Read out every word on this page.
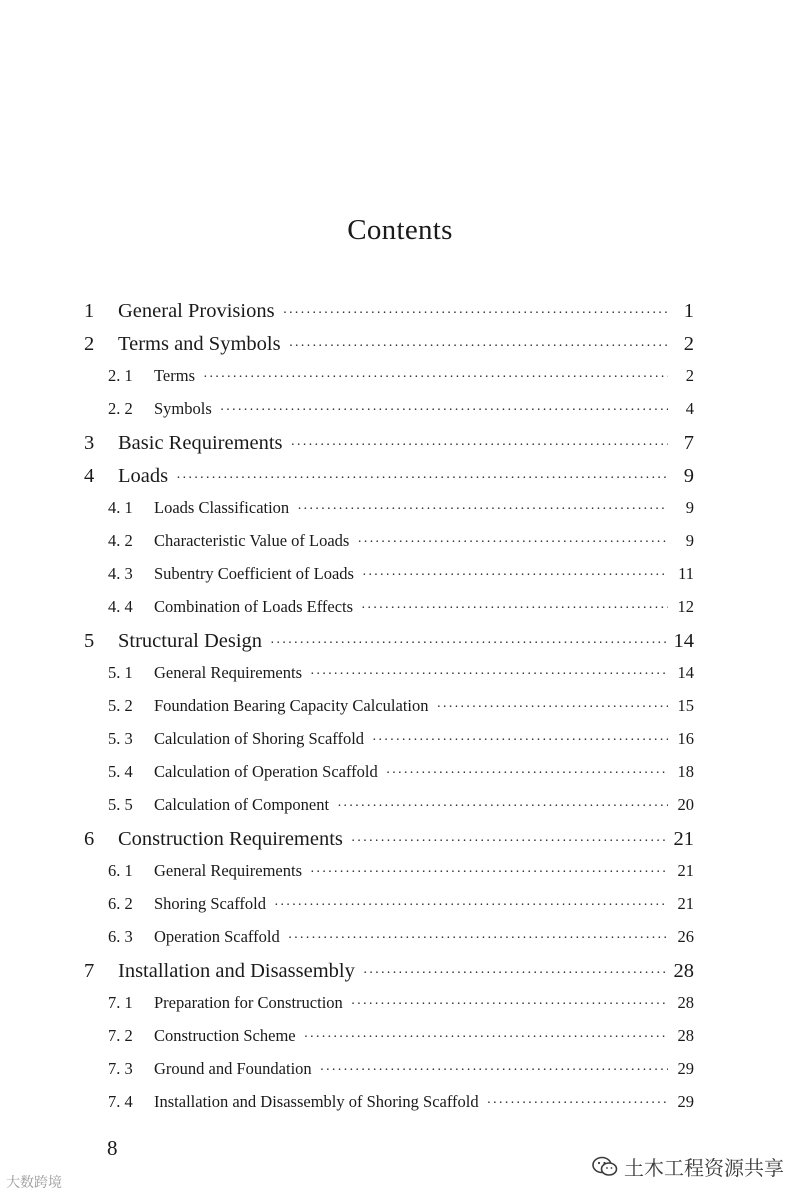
Contents
1	General Provisions ·····	1
2	Terms and Symbols ·····	2
2. 1	Terms ·····	2
2. 2	Symbols ·····	4
3	Basic Requirements ·····	7
4	Loads ·····	9
4. 1	Loads Classification ·····	9
4. 2	Characteristic Value of Loads ·····	9
4. 3	Subentry Coefficient of Loads ·····	11
4. 4	Combination of Loads Effects ·····	12
5	Structural Design ·····	14
5. 1	General Requirements ·····	14
5. 2	Foundation Bearing Capacity Calculation ·····	15
5. 3	Calculation of Shoring Scaffold ·····	16
5. 4	Calculation of Operation Scaffold ·····	18
5. 5	Calculation of Component ·····	20
6	Construction Requirements ·····	21
6. 1	General Requirements ·····	21
6. 2	Shoring Scaffold ·····	21
6. 3	Operation Scaffold ·····	26
7	Installation and Disassembly ·····	28
7. 1	Preparation for Construction ·····	28
7. 2	Construction Scheme ·····	28
7. 3	Ground and Foundation ·····	29
7. 4	Installation and Disassembly of Shoring Scaffold ·····	29
8
大数跨境
土木工程资源共享
